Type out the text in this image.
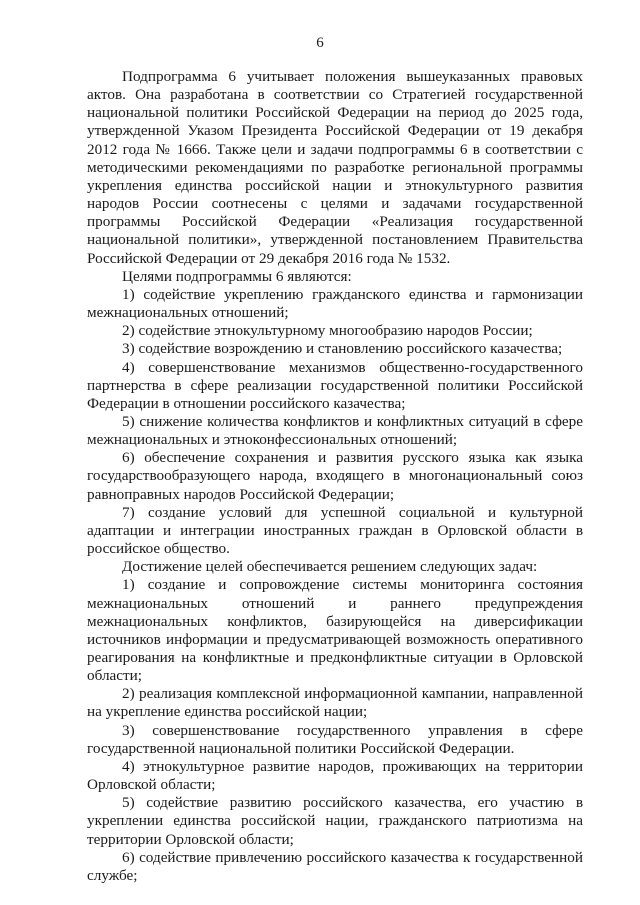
6

Подпрограмма 6 учитывает положения вышеуказанных правовых актов. Она разработана в соответствии со Стратегией государственной национальной политики Российской Федерации на период до 2025 года, утвержденной Указом Президента Российской Федерации от 19 декабря 2012 года № 1666. Также цели и задачи подпрограммы 6 в соответствии с методическими рекомендациями по разработке региональной программы укрепления единства российской нации и этнокультурного развития народов России соотнесены с целями и задачами государственной программы Российской Федерации «Реализация государственной национальной политики», утвержденной постановлением Правительства Российской Федерации от 29 декабря 2016 года № 1532.

Целями подпрограммы 6 являются:

1) содействие укреплению гражданского единства и гармонизации межнациональных отношений;

2) содействие этнокультурному многообразию народов России;

3) содействие возрождению и становлению российского казачества;

4) совершенствование механизмов общественно-государственного партнерства в сфере реализации государственной политики Российской Федерации в отношении российского казачества;

5) снижение количества конфликтов и конфликтных ситуаций в сфере межнациональных и этноконфессиональных отношений;

6) обеспечение сохранения и развития русского языка как языка государствообразующего народа, входящего в многонациональный союз равноправных народов Российской Федерации;

7) создание условий для успешной социальной и культурной адаптации и интеграции иностранных граждан в Орловской области в российское общество.

Достижение целей обеспечивается решением следующих задач:

1) создание и сопровождение системы мониторинга состояния межнациональных отношений и раннего предупреждения межнациональных конфликтов, базирующейся на диверсификации источников информации и предусматривающей возможность оперативного реагирования на конфликтные и предконфликтные ситуации в Орловской области;

2) реализация комплексной информационной кампании, направленной на укрепление единства российской нации;

3) совершенствование государственного управления в сфере государственной национальной политики Российской Федерации.

4) этнокультурное развитие народов, проживающих на территории Орловской области;

5) содействие развитию российского казачества, его участию в укреплении единства российской нации, гражданского патриотизма на территории Орловской области;

6) содействие привлечению российского казачества к государственной службе;
